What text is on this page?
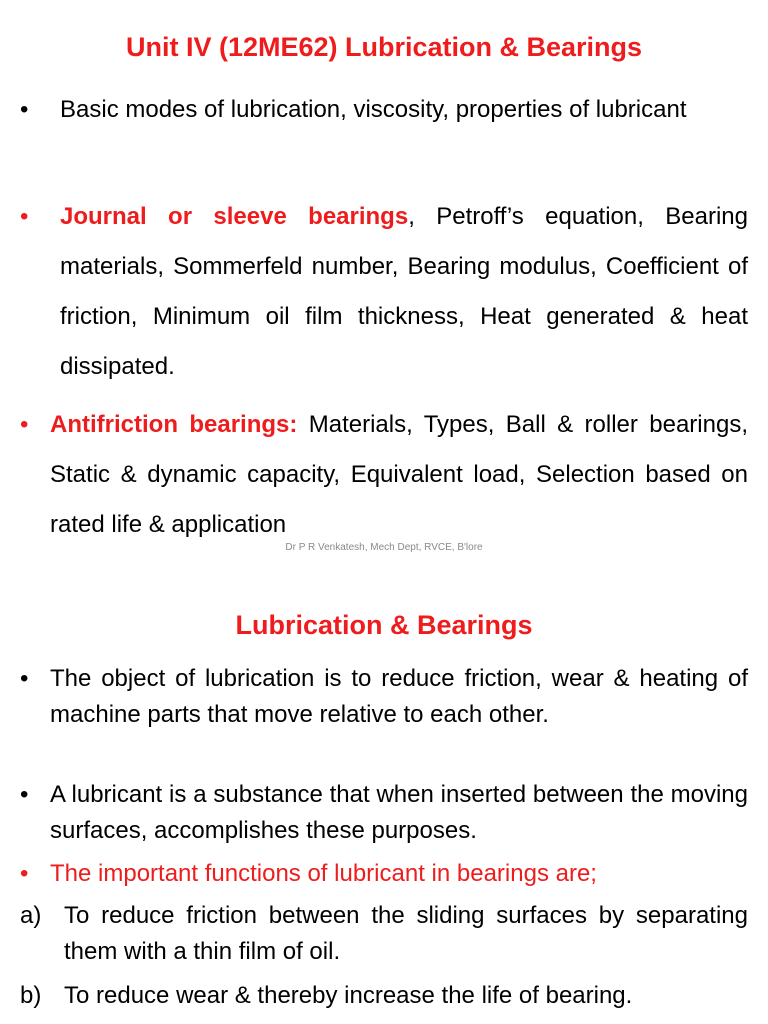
Unit IV (12ME62) Lubrication & Bearings
•	Basic modes of lubrication, viscosity, properties of lubricant
•	Journal or sleeve bearings, Petroff’s equation, Bearing materials, Sommerfeld number, Bearing modulus, Coefficient of friction, Minimum oil film thickness, Heat generated & heat dissipated.
• Antifriction bearings: Materials, Types, Ball & roller bearings, Static & dynamic capacity, Equivalent load, Selection based on rated life & application
Dr P R Venkatesh, Mech Dept, RVCE, B'lore
Lubrication & Bearings
• The object of lubrication is to reduce friction, wear & heating of machine parts that move relative to each other.
• A lubricant is a substance that when inserted between the moving surfaces, accomplishes these purposes.
• The important functions of lubricant in bearings are;
a) To reduce friction between the sliding surfaces by separating them with a thin film of oil.
b) To reduce wear & thereby increase the life of bearing.
